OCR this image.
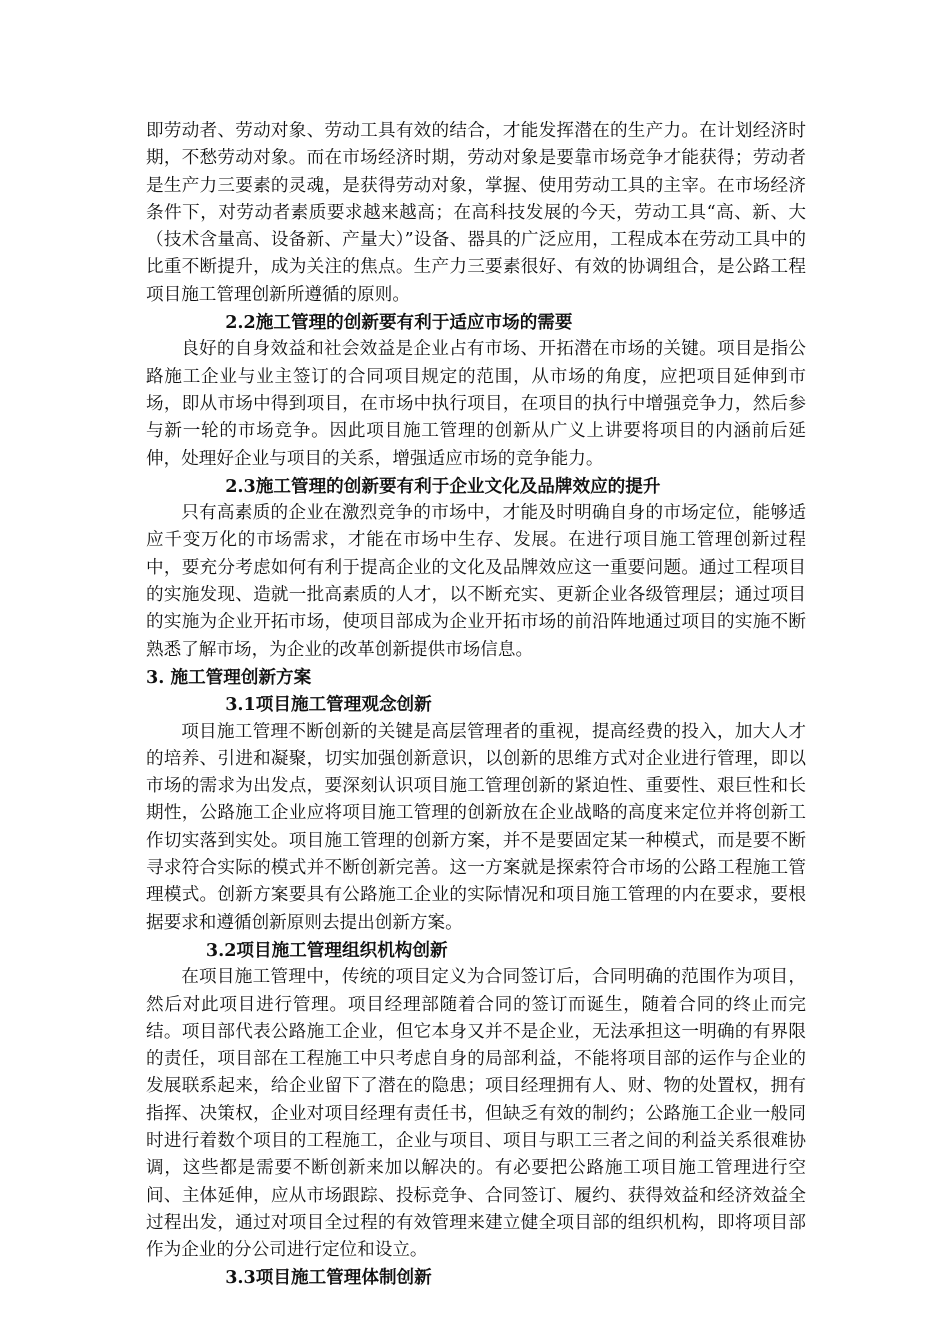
即劳动者、劳动对象、劳动工具有效的结合，才能发挥潜在的生产力。在计划经济时期，不愁劳动对象。而在市场经济时期，劳动对象是要靠市场竞争才能获得；劳动者是生产力三要素的灵魂，是获得劳动对象，掌握、使用劳动工具的主宰。在市场经济条件下，对劳动者素质要求越来越高；在高科技发展的今天，劳动工具“高、新、大（技术含量高、设备新、产量大）”设备、器具的广泛应用，工程成本在劳动工具中的比重不断提升，成为关注的焦点。生产力三要素很好、有效的协调组合，是公路工程项目施工管理创新所遵循的原则。

2.2施工管理的创新要有利于适应市场的需要

良好的自身效益和社会效益是企业占有市场、开拓潜在市场的关键。项目是指公路施工企业与业主签订的合同项目规定的范围，从市场的角度，应把项目延伸到市场，即从市场中得到项目，在市场中执行项目，在项目的执行中增强竞争力，然后参与新一轮的市场竞争。因此项目施工管理的创新从广义上讲要将项目的内涵前后延伸，处理好企业与项目的关系，增强适应市场的竞争能力。

2.3施工管理的创新要有利于企业文化及品牌效应的提升

只有高素质的企业在激烈竞争的市场中，才能及时明确自身的市场定位，能够适应千变万化的市场需求，才能在市场中生存、发展。在进行项目施工管理创新过程中，要充分考虑如何有利于提高企业的文化及品牌效应这一重要问题。通过工程项目的实施发现、造就一批高素质的人才，以不断充实、更新企业各级管理层；通过项目的实施为企业开拓市场，使项目部成为企业开拓市场的前沿阵地通过项目的实施不断熟悉了解市场，为企业的改革创新提供市场信息。

3. 施工管理创新方案

3.1项目施工管理观念创新

项目施工管理不断创新的关键是高层管理者的重视，提高经费的投入，加大人才的培养、引进和凝聚，切实加强创新意识，以创新的思维方式对企业进行管理，即以市场的需求为出发点，要深刻认识项目施工管理创新的紧迫性、重要性、艰巨性和长期性，公路施工企业应将项目施工管理的创新放在企业战略的高度来定位并将创新工作切实落到实处。项目施工管理的创新方案，并不是要固定某一种模式，而是要不断寻求符合实际的模式并不断创新完善。这一方案就是探索符合市场的公路工程施工管理模式。创新方案要具有公路施工企业的实际情况和项目施工管理的内在要求，要根据要求和遵循创新原则去提出创新方案。

3.2项目施工管理组织机构创新

在项目施工管理中，传统的项目定义为合同签订后，合同明确的范围作为项目，然后对此项目进行管理。项目经理部随着合同的签订而诞生，随着合同的终止而完结。项目部代表公路施工企业，但它本身又并不是企业，无法承担这一明确的有界限的责任，项目部在工程施工中只考虑自身的局部利益，不能将项目部的运作与企业的发展联系起来，给企业留下了潜在的隐患；项目经理拥有人、财、物的处置权，拥有指挥、决策权，企业对项目经理有责任书，但缺乏有效的制约；公路施工企业一般同时进行着数个项目的工程施工，企业与项目、项目与职工三者之间的利益关系很难协调，这些都是需要不断创新来加以解决的。有必要把公路施工项目施工管理进行空间、主体延伸，应从市场跟踪、投标竞争、合同签订、履约、获得效益和经济效益全过程出发，通过对项目全过程的有效管理来建立健全项目部的组织机构，即将项目部作为企业的分公司进行定位和设立。

3.3项目施工管理体制创新
